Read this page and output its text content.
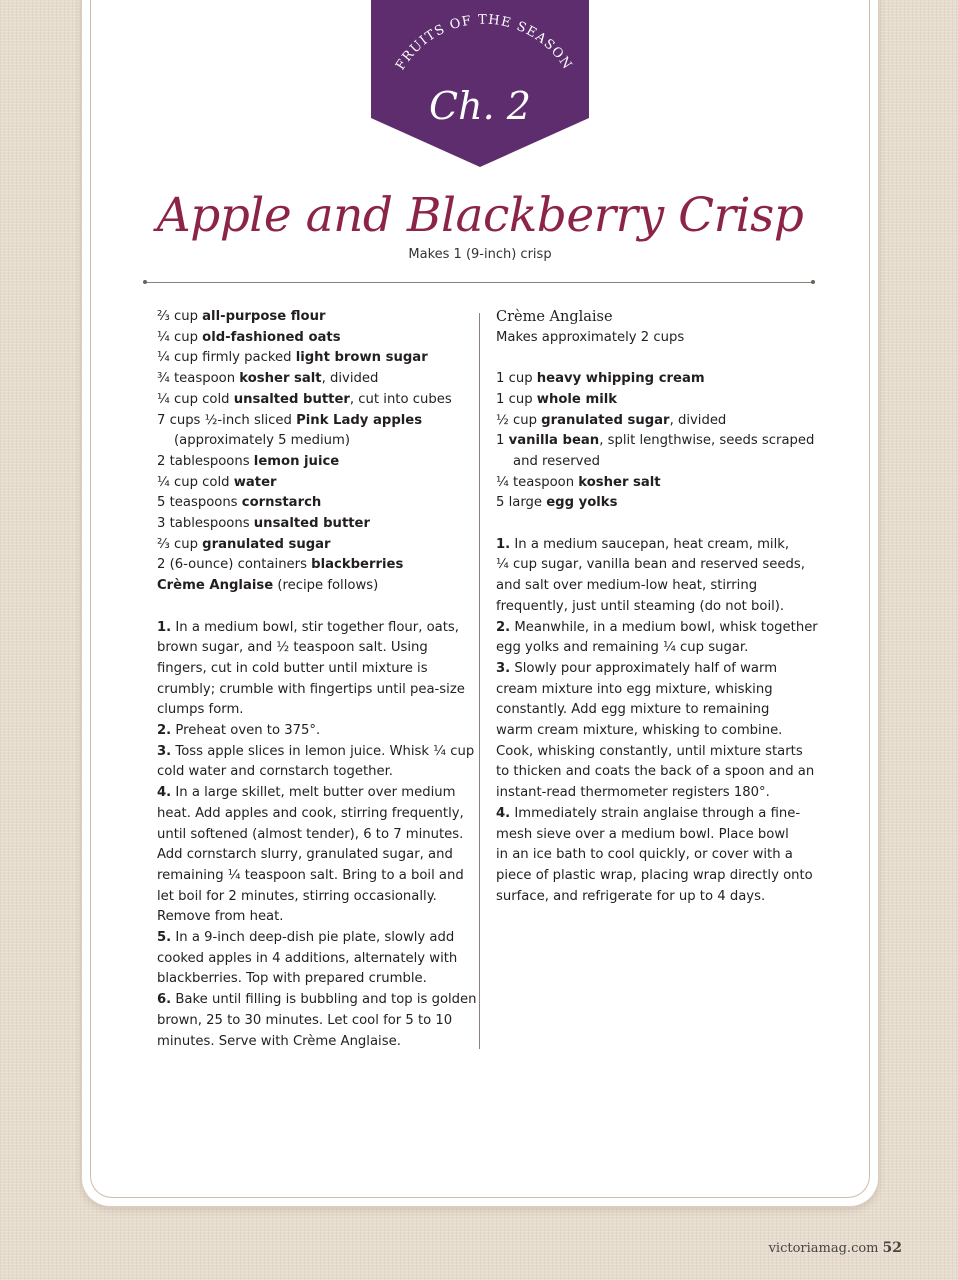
FRUITS OF THE SEASON
Ch. 2
Apple and Blackberry Crisp
Makes 1 (9-inch) crisp
⅔ cup all-purpose flour
¼ cup old-fashioned oats
¼ cup firmly packed light brown sugar
¾ teaspoon kosher salt, divided
¼ cup cold unsalted butter, cut into cubes
7 cups ½-inch sliced Pink Lady apples
(approximately 5 medium)
2 tablespoons lemon juice
¼ cup cold water
5 teaspoons cornstarch
3 tablespoons unsalted butter
⅔ cup granulated sugar
2 (6-ounce) containers blackberries
Crème Anglaise (recipe follows)
1. In a medium bowl, stir together flour, oats,
brown sugar, and ½ teaspoon salt. Using
fingers, cut in cold butter until mixture is
crumbly; crumble with fingertips until pea-size
clumps form.
2. Preheat oven to 375°.
3. Toss apple slices in lemon juice. Whisk ¼ cup
cold water and cornstarch together.
4. In a large skillet, melt butter over medium
heat. Add apples and cook, stirring frequently,
until softened (almost tender), 6 to 7 minutes.
Add cornstarch slurry, granulated sugar, and
remaining ¼ teaspoon salt. Bring to a boil and
let boil for 2 minutes, stirring occasionally.
Remove from heat.
5. In a 9-inch deep-dish pie plate, slowly add
cooked apples in 4 additions, alternately with
blackberries. Top with prepared crumble.
6. Bake until filling is bubbling and top is golden
brown, 25 to 30 minutes. Let cool for 5 to 10
minutes. Serve with Crème Anglaise.
Crème Anglaise
Makes approximately 2 cups
1 cup heavy whipping cream
1 cup whole milk
½ cup granulated sugar, divided
1 vanilla bean, split lengthwise, seeds scraped
and reserved
¼ teaspoon kosher salt
5 large egg yolks
1. In a medium saucepan, heat cream, milk,
¼ cup sugar, vanilla bean and reserved seeds,
and salt over medium-low heat, stirring
frequently, just until steaming (do not boil).
2. Meanwhile, in a medium bowl, whisk together
egg yolks and remaining ¼ cup sugar.
3. Slowly pour approximately half of warm
cream mixture into egg mixture, whisking
constantly. Add egg mixture to remaining
warm cream mixture, whisking to combine.
Cook, whisking constantly, until mixture starts
to thicken and coats the back of a spoon and an
instant-read thermometer registers 180°.
4. Immediately strain anglaise through a fine-
mesh sieve over a medium bowl. Place bowl
in an ice bath to cool quickly, or cover with a
piece of plastic wrap, placing wrap directly onto
surface, and refrigerate for up to 4 days.
victoriamag.com 52
